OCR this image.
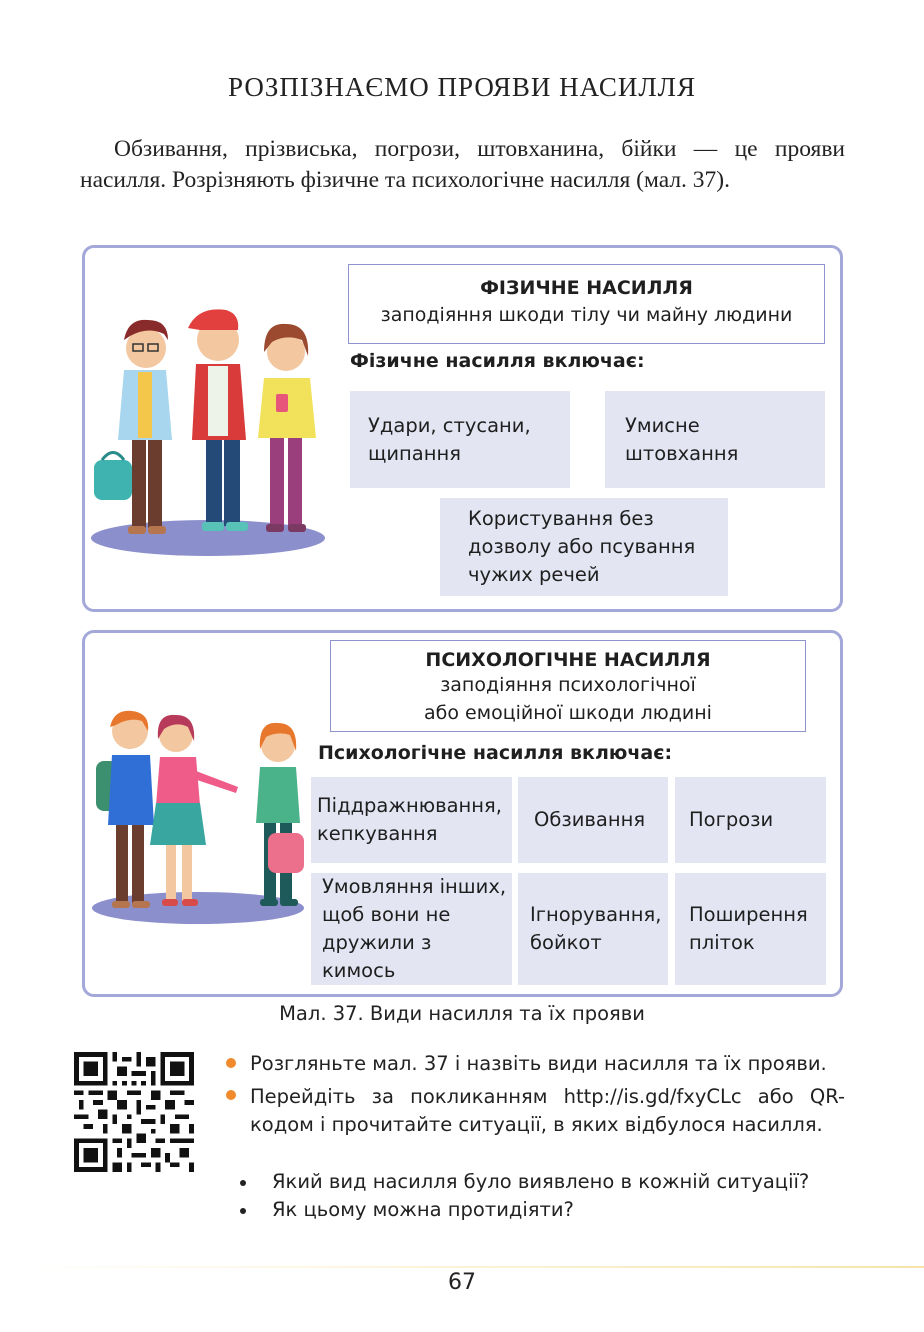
РОЗПІЗНАЄМО ПРОЯВИ НАСИЛЛЯ
Обзивання, прізвиська, погрози, штовханина, бійки — це прояви насилля. Розрізняють фізичне та психологічне насилля (мал. 37).
ФІЗИЧНЕ НАСИЛЛЯ
заподіяння шкоди тілу чи майну людини
Фізичне насилля включає:
Удари, стусани, щипання
Умисне штовхання
Користування без дозволу або псування чужих речей
ПСИХОЛОГІЧНЕ НАСИЛЛЯ
заподіяння психологічної
або емоційної шкоди людині
Психологічне насилля включає:
Піддражнювання, кепкування
Обзивання Погрози
Умовляння інших, щоб вони не дружили з кимось
Ігнорування, бойкот
Поширення пліток
Мал. 37. Види насилля та їх прояви
Розгляньте мал. 37 і назвіть види насилля та їх прояви.
Перейдіть за покликанням http://is.gd/fxyCLc або QR-кодом і прочитайте ситуації, в яких відбулося насилля.
Який вид насилля було виявлено в кожній ситуації?
Як цьому можна протидіяти?
67
